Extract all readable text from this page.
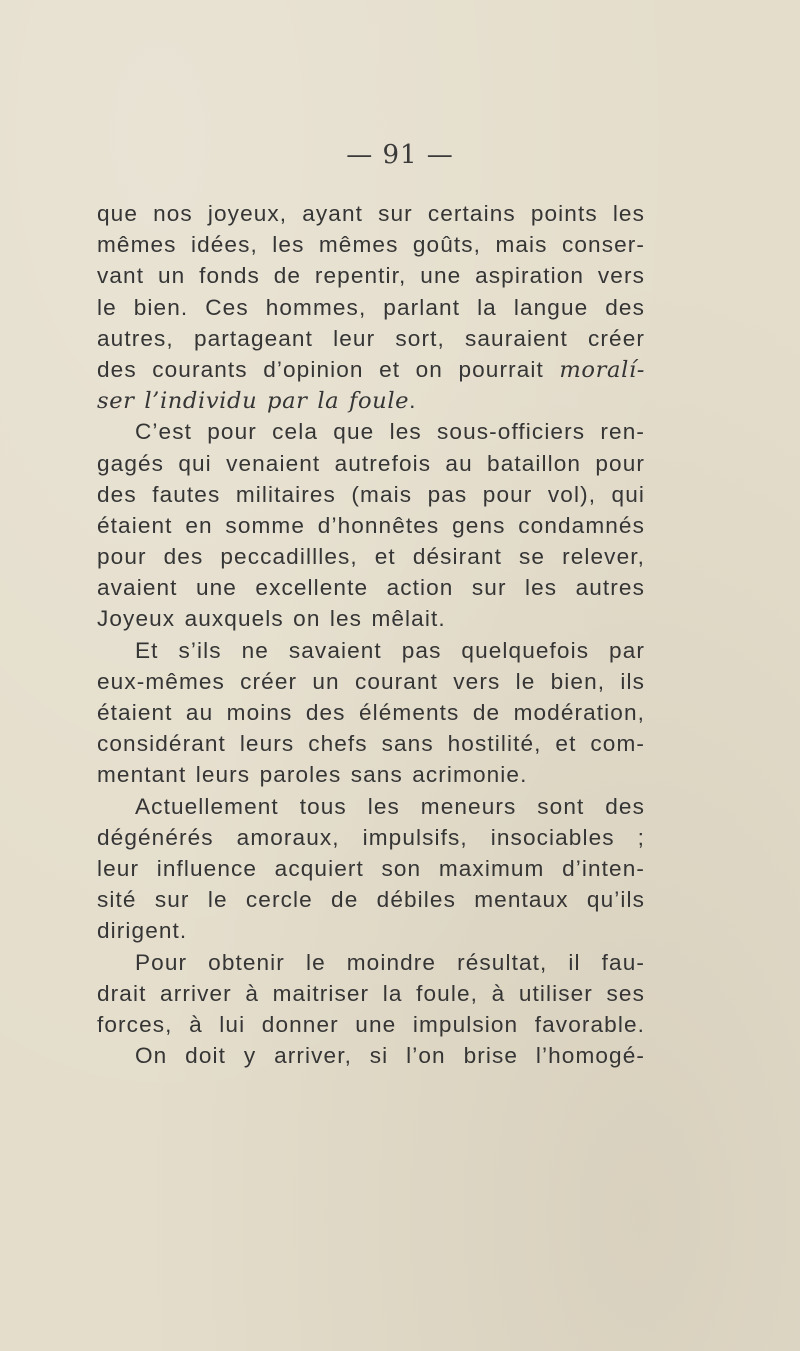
— 91 —
que nos joyeux, ayant sur certains points les
mêmes idées, les mêmes goûts, mais conser-
vant un fonds de repentir, une aspiration vers
le bien. Ces hommes, parlant la langue des
autres, partageant leur sort, sauraient créer
des courants d’opinion et on pourrait moralí-
ser l’individu par la foule.
C’est pour cela que les sous-officiers ren-
gagés qui venaient autrefois au bataillon pour
des fautes militaires (mais pas pour vol), qui
étaient en somme d’honnêtes gens condamnés
pour des peccadillles, et désirant se relever,
avaient une excellente action sur les autres
Joyeux auxquels on les mêlait.
Et s’ils ne savaient pas quelquefois par
eux-mêmes créer un courant vers le bien, ils
étaient au moins des éléments de modération,
considérant leurs chefs sans hostilité, et com-
mentant leurs paroles sans acrimonie.
Actuellement tous les meneurs sont des
dégénérés amoraux, impulsifs, insociables ;
leur influence acquiert son maximum d’inten-
sité sur le cercle de débiles mentaux qu’ils
dirigent.
Pour obtenir le moindre résultat, il fau-
drait arriver à maitriser la foule, à utiliser ses
forces, à lui donner une impulsion favorable.
On doit y arriver, si l’on brise l’homogé-
